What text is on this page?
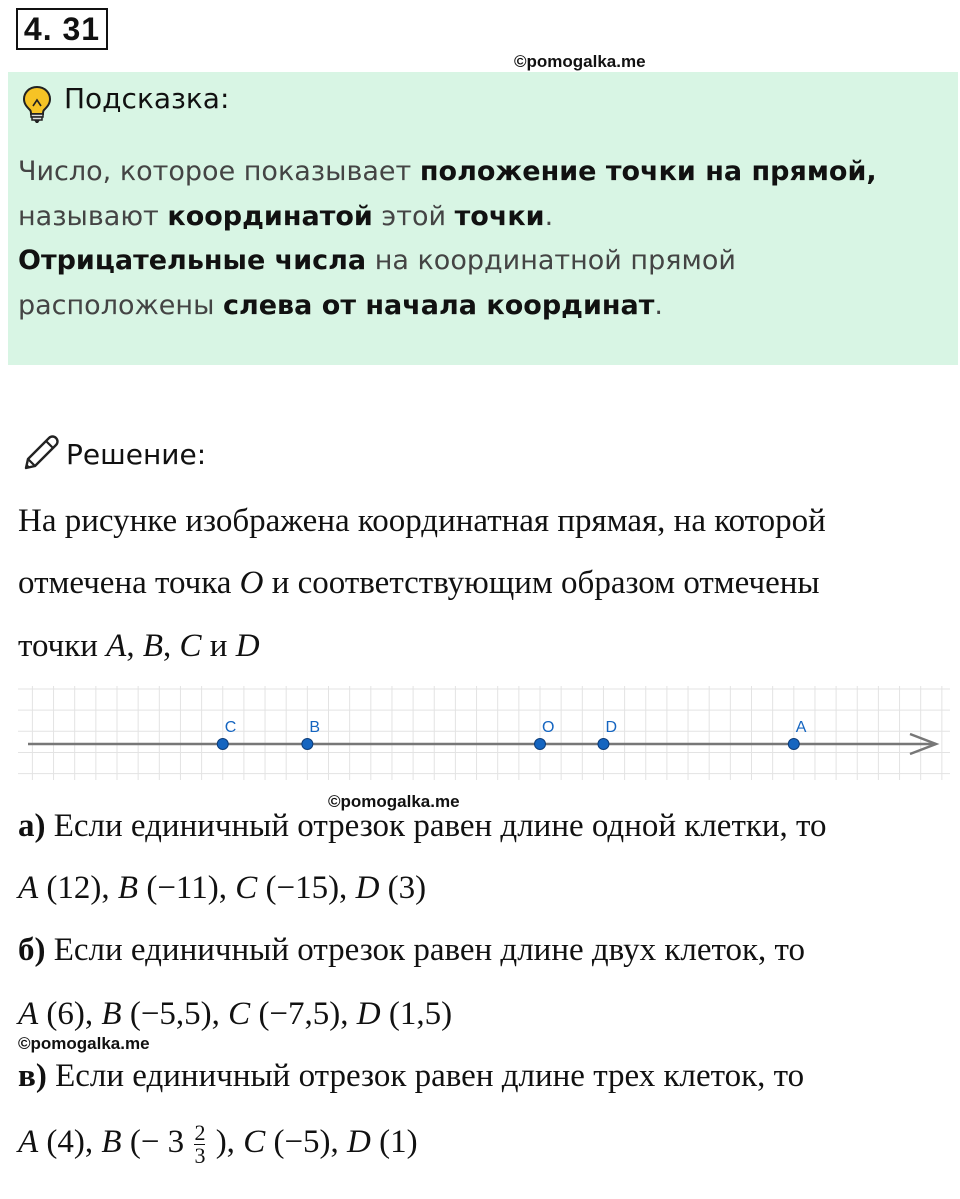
4. 31
©pomogalka.me
Подсказка:
Число, которое показывает положение точки на прямой,
называют координатой этой точки.
Отрицательные числа на координатной прямой
расположены слева от начала координат.
Решение:
На рисунке изображена координатная прямая, на которой
отмечена точка O и соответствующим образом отмечены
точки A, B, C и D
C	B	O	D	A
©pomogalka.me
а) Если единичный отрезок равен длине одной клетки, то
A (12), B (−11), C (−15), D (3)
б) Если единичный отрезок равен длине двух клеток, то
A (6), B (−5,5), C (−7,5), D (1,5)
©pomogalka.me
в) Если единичный отрезок равен длине трех клеток, то
A (4), B (− $3 \frac{2}{3}$ ), C (−5), D (1)
